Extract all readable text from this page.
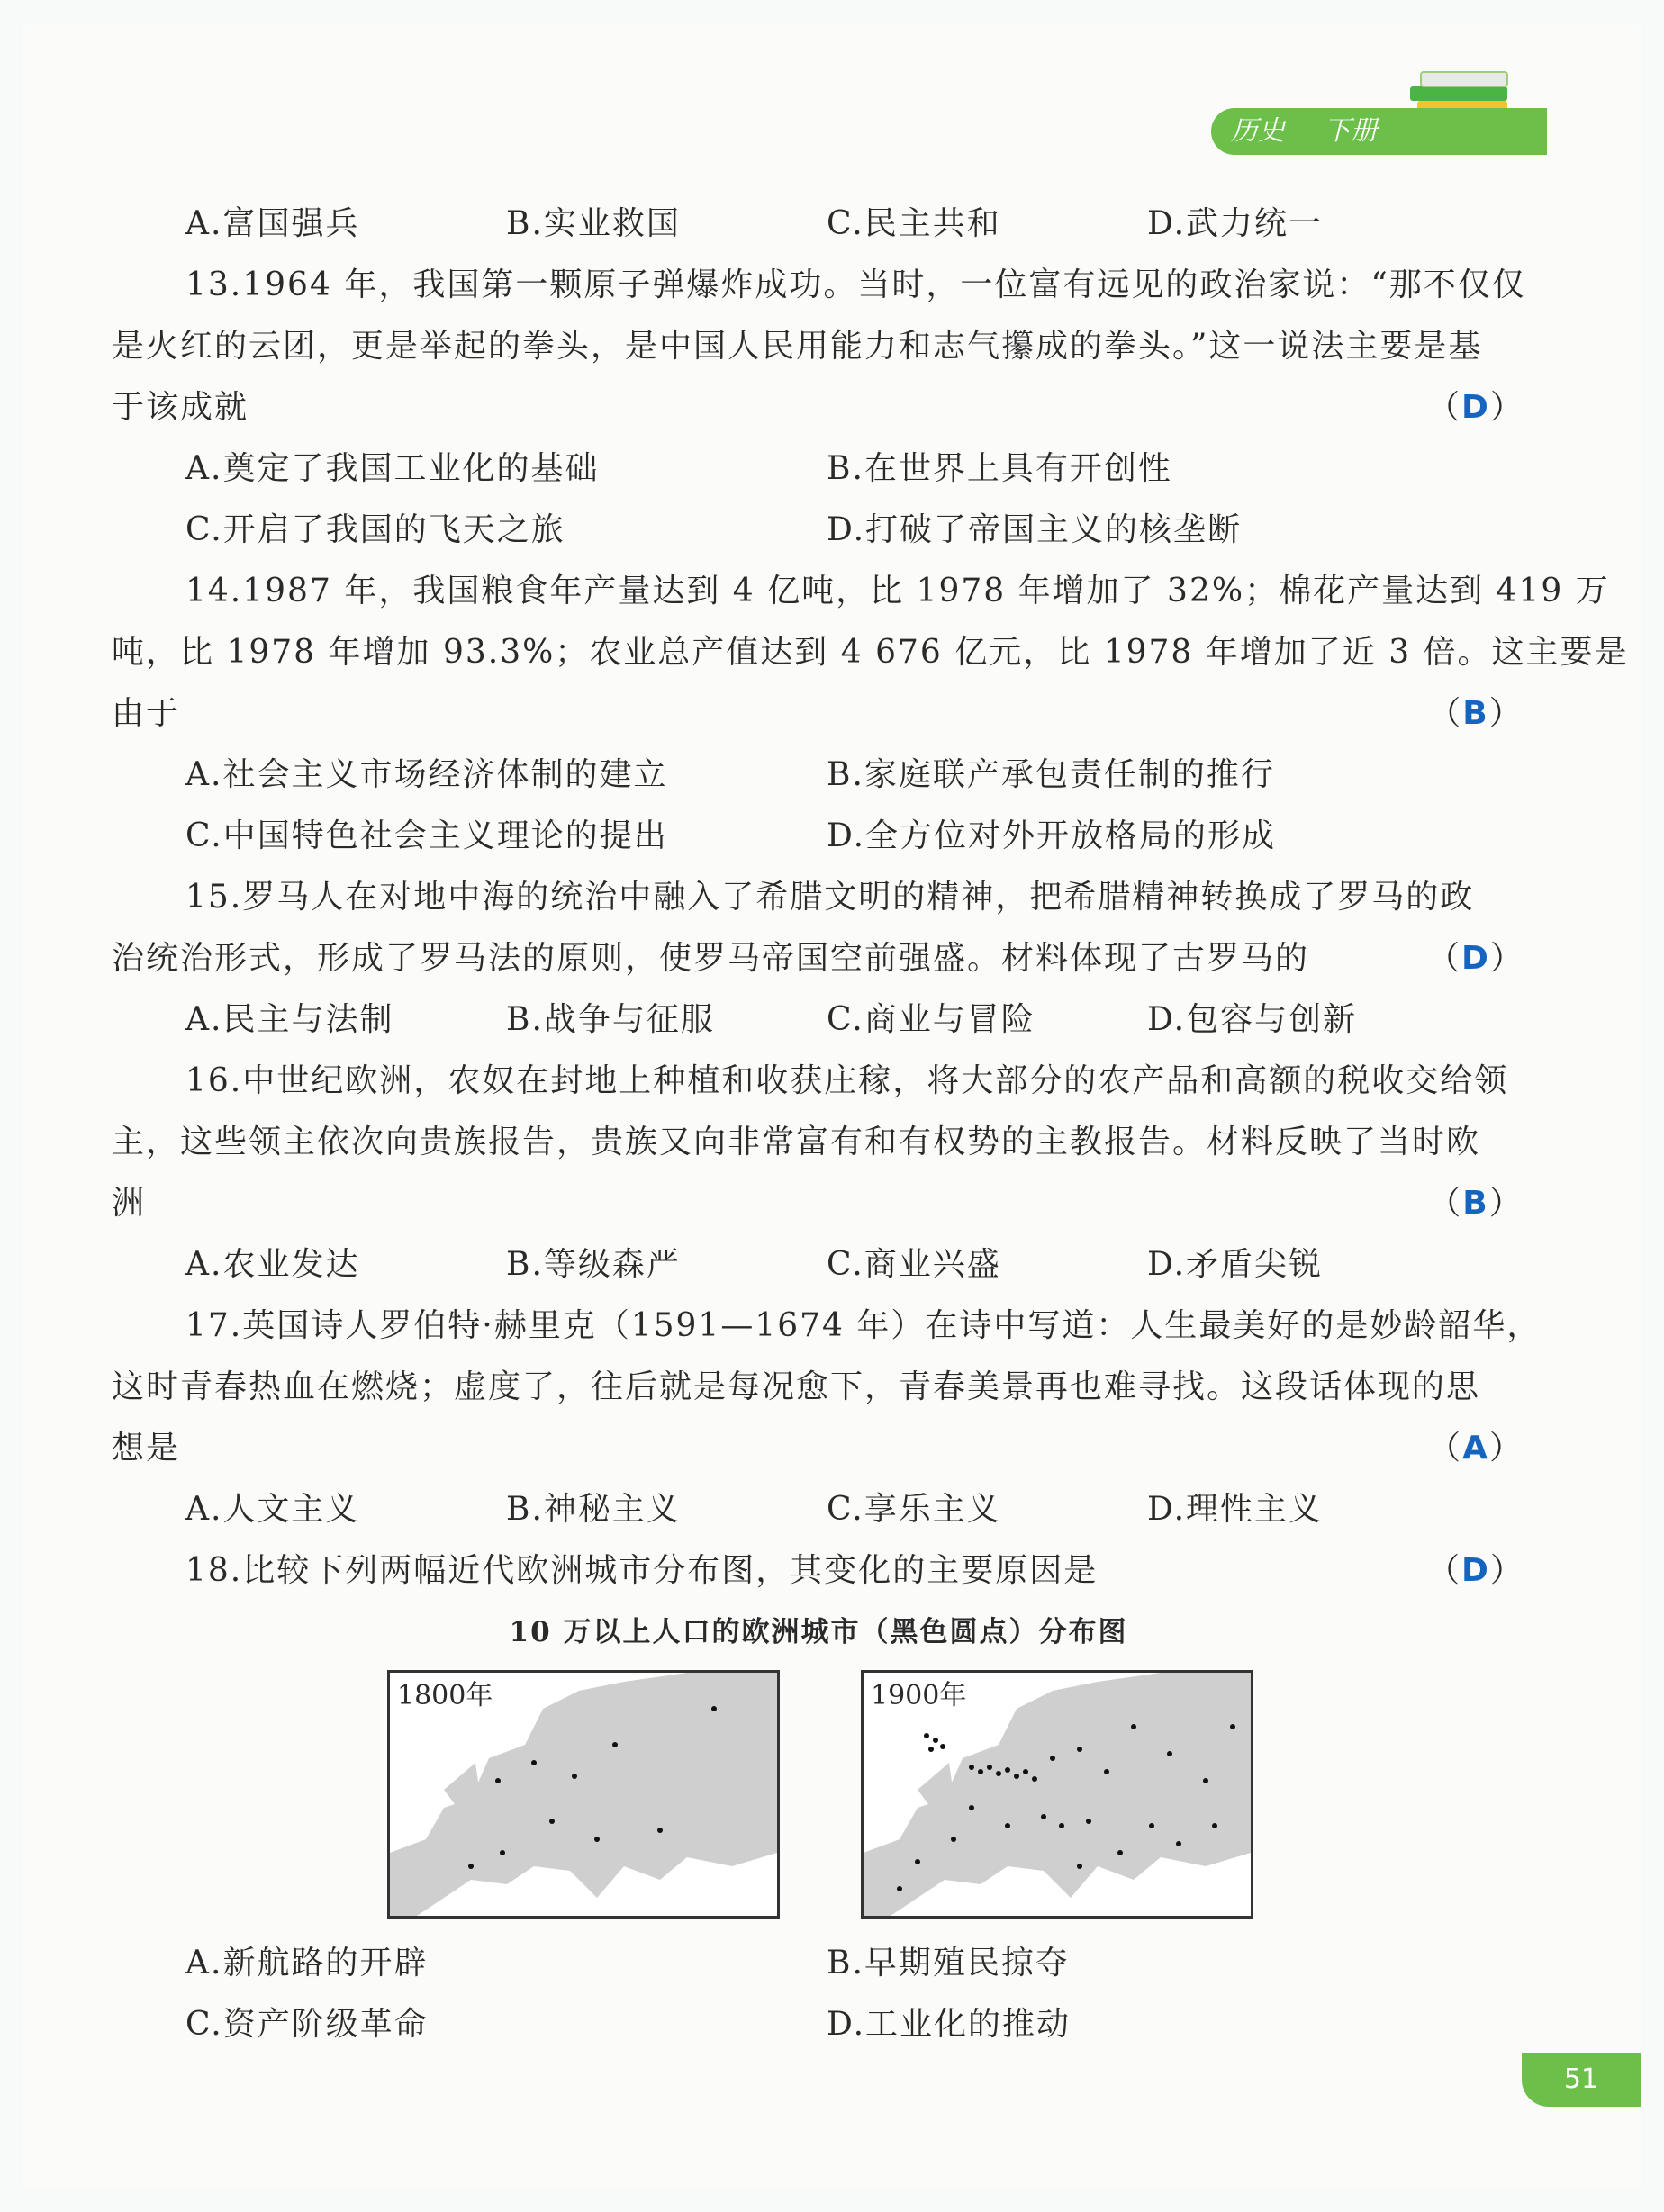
历史 下册
A.富国强兵	B.实业救国	C.民主共和	D.武力统一
13.1964 年，我国第一颗原子弹爆炸成功。当时，一位富有远见的政治家说：“那不仅仅
是火红的云团，更是举起的拳头，是中国人民用能力和志气攥成的拳头。”这一说法主要是基
于该成就	（D）
A.奠定了我国工业化的基础	B.在世界上具有开创性
C.开启了我国的飞天之旅	D.打破了帝国主义的核垄断
14.1987 年，我国粮食年产量达到 4 亿吨，比 1978 年增加了 32%；棉花产量达到 419 万
吨，比 1978 年增加 93.3%；农业总产值达到 4 676 亿元，比 1978 年增加了近 3 倍。这主要是
由于	（B）
A.社会主义市场经济体制的建立	B.家庭联产承包责任制的推行
C.中国特色社会主义理论的提出	D.全方位对外开放格局的形成
15.罗马人在对地中海的统治中融入了希腊文明的精神，把希腊精神转换成了罗马的政
治统治形式，形成了罗马法的原则，使罗马帝国空前强盛。材料体现了古罗马的	（D）
A.民主与法制	B.战争与征服	C.商业与冒险	D.包容与创新
16.中世纪欧洲，农奴在封地上种植和收获庄稼，将大部分的农产品和高额的税收交给领
主，这些领主依次向贵族报告，贵族又向非常富有和有权势的主教报告。材料反映了当时欧
洲	（B）
A.农业发达	B.等级森严	C.商业兴盛	D.矛盾尖锐
17.英国诗人罗伯特·赫里克（1591—1674 年）在诗中写道：人生最美好的是妙龄韶华，
这时青春热血在燃烧；虚度了，往后就是每况愈下，青春美景再也难寻找。这段话体现的思
想是	（A）
A.人文主义	B.神秘主义	C.享乐主义	D.理性主义
18.比较下列两幅近代欧洲城市分布图，其变化的主要原因是	（D）
10 万以上人口的欧洲城市（黑色圆点）分布图
1800年	1900年
A.新航路的开辟	B.早期殖民掠夺
C.资产阶级革命	D.工业化的推动
51
